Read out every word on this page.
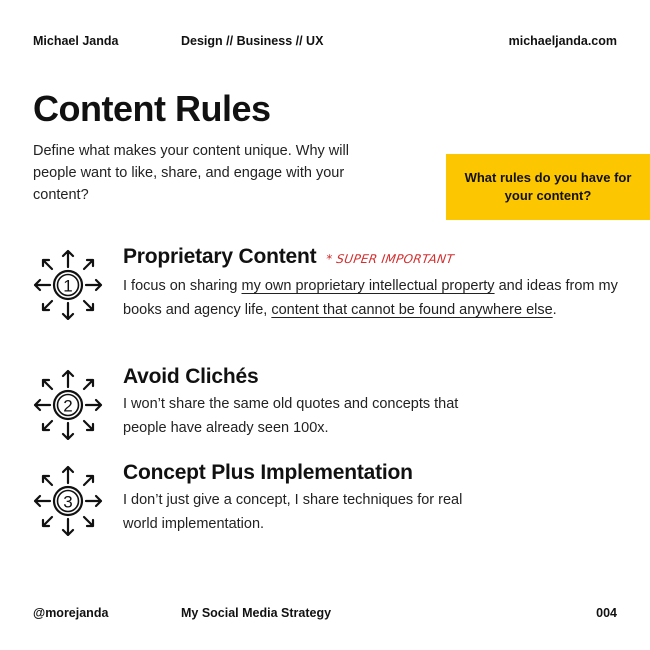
Michael Janda	Design // Business // UX	michaeljanda.com
Content Rules

Define what makes your content unique. Why will people want to like, share, and engage with your content?

What rules do you have for your content?
1
Proprietary Content * SUPER IMPORTANT
I focus on sharing my own proprietary intellectual property and ideas from my books and agency life, content that cannot be found anywhere else.
2
Avoid Clichés
I won’t share the same old quotes and concepts that people have already seen 100x.
3
Concept Plus Implementation
I don’t just give a concept, I share techniques for real world implementation.
@morejanda	My Social Media Strategy	004
